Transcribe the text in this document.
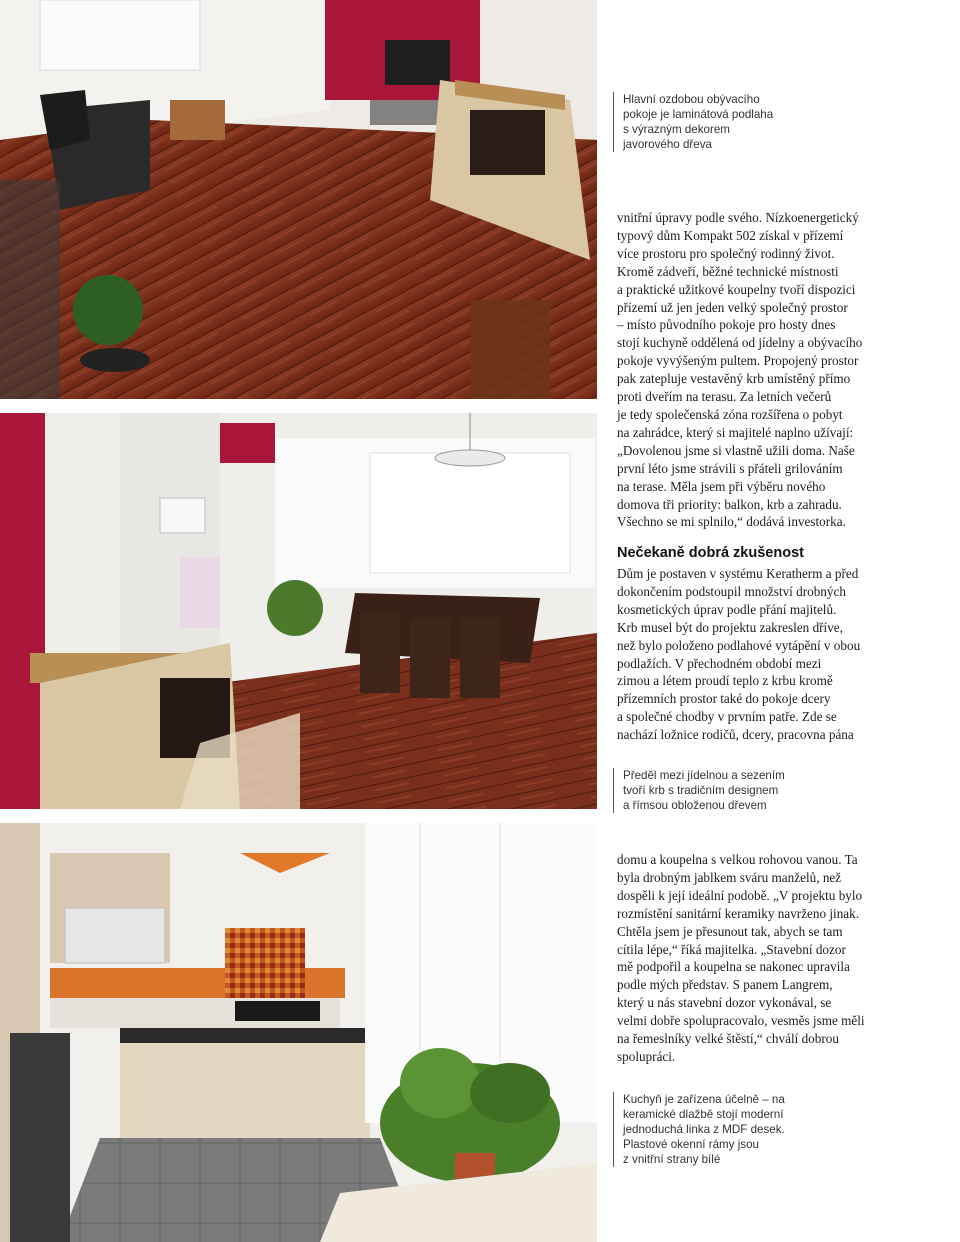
Hlavní ozdobou obývacího
pokoje je laminátová podlaha
s výrazným dekorem
javorového dřeva
vnitřní úpravy podle svého. Nízkoenergetický
typový dům Kompakt 502 získal v přízemí
více prostoru pro společný rodinný život.
Kromě zádveří, běžné technické místnosti
a praktické užitkové koupelny tvoří dispozici
přízemí už jen jeden velký společný prostor
– místo původního pokoje pro hosty dnes
stojí kuchyně oddělená od jídelny a obývacího
pokoje vyvýšeným pultem. Propojený prostor
pak zatepluje vestavěný krb umístěný přímo
proti dveřím na terasu. Za letních večerů
je tedy společenská zóna rozšířena o pobyt
na zahrádce, který si majitelé naplno užívají:
„Dovolenou jsme si vlastně užili doma. Naše
první léto jsme strávili s přáteli grilováním
na terase. Měla jsem při výběru nového
domova tři priority: balkon, krb a zahradu.
Všechno se mi splnilo,“ dodává investorka.
Předěl mezi jídelnou a sezením
tvoří krb s tradičním designem
a římsou obloženou dřevem
Nečekaně dobrá zkušenost
Dům je postaven v systému Keratherm a před
dokončením podstoupil množství drobných
kosmetických úprav podle přání majitelů.
Krb musel být do projektu zakreslen dříve,
než bylo položeno podlahové vytápění v obou
podlažích. V přechodném období mezi
zimou a létem proudí teplo z krbu kromě
přízemních prostor také do pokoje dcery
a společné chodby v prvním patře. Zde se
nachází ložnice rodičů, dcery, pracovna pána
domu a koupelna s velkou rohovou vanou. Ta
byla drobným jablkem sváru manželů, než
dospěli k její ideální podobě. „V projektu bylo
rozmístění sanitární keramiky navrženo jinak.
Chtěla jsem je přesunout tak, abych se tam
cítila lépe,“ říká majitelka. „Stavební dozor
mě podpořil a koupelna se nakonec upravila
podle mých představ. S panem Langrem,
který u nás stavební dozor vykonával, se
velmi dobře spolupracovalo, vesměs jsme měli
na řemeslníky velké štěstí,“ chválí dobrou
spolupráci.
Kuchyň je zařízena účelně – na
keramické dlažbě stojí moderní
jednoduchá linka z MDF desek.
Plastové okenní rámy jsou
z vnitřní strany bílé
